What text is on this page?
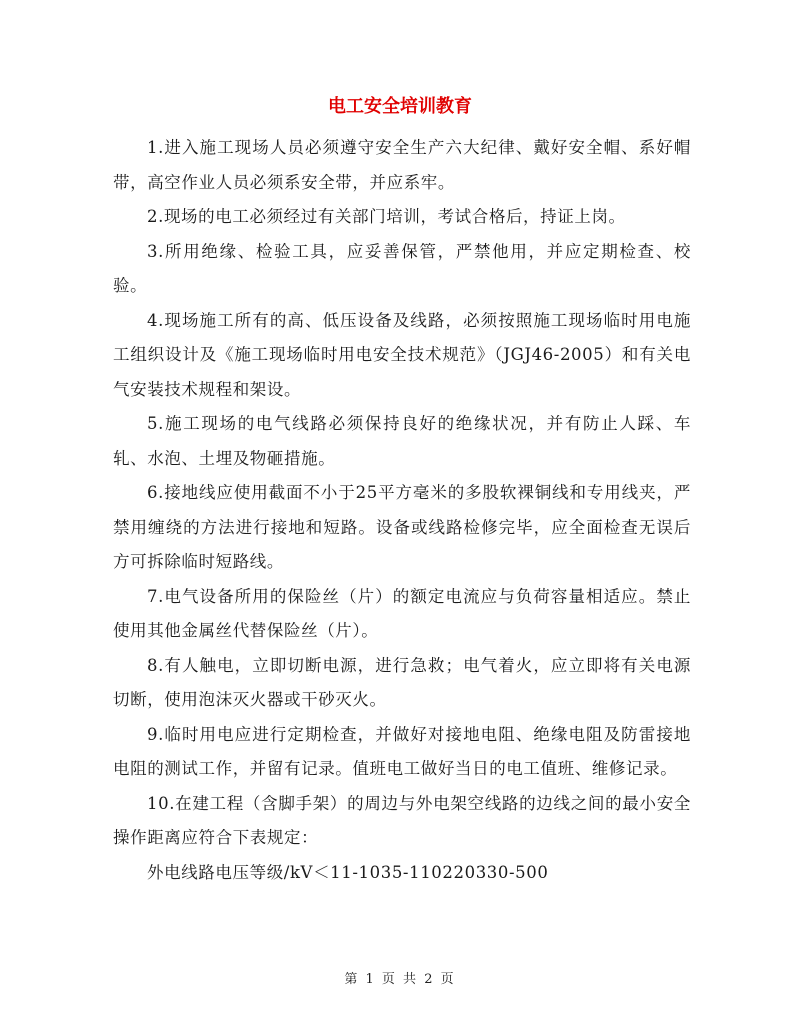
电工安全培训教育

1.进入施工现场人员必须遵守安全生产六大纪律、戴好安全帽、系好帽带，高空作业人员必须系安全带，并应系牢。

2.现场的电工必须经过有关部门培训，考试合格后，持证上岗。

3.所用绝缘、检验工具，应妥善保管，严禁他用，并应定期检查、校验。

4.现场施工所有的高、低压设备及线路，必须按照施工现场临时用电施工组织设计及《施工现场临时用电安全技术规范》（JGJ46-2005）和有关电气安装技术规程和架设。

5.施工现场的电气线路必须保持良好的绝缘状况，并有防止人踩、车轧、水泡、土埋及物砸措施。

6.接地线应使用截面不小于25平方毫米的多股软裸铜线和专用线夹，严禁用缠绕的方法进行接地和短路。设备或线路检修完毕，应全面检查无误后方可拆除临时短路线。

7.电气设备所用的保险丝（片）的额定电流应与负荷容量相适应。禁止使用其他金属丝代替保险丝（片）。

8.有人触电，立即切断电源，进行急救；电气着火，应立即将有关电源切断，使用泡沫灭火器或干砂灭火。

9.临时用电应进行定期检查，并做好对接地电阻、绝缘电阻及防雷接地电阻的测试工作，并留有记录。值班电工做好当日的电工值班、维修记录。

10.在建工程（含脚手架）的周边与外电架空线路的边线之间的最小安全操作距离应符合下表规定：

外电线路电压等级/kV＜11-1035-110220330-500

第 1 页 共 2 页
